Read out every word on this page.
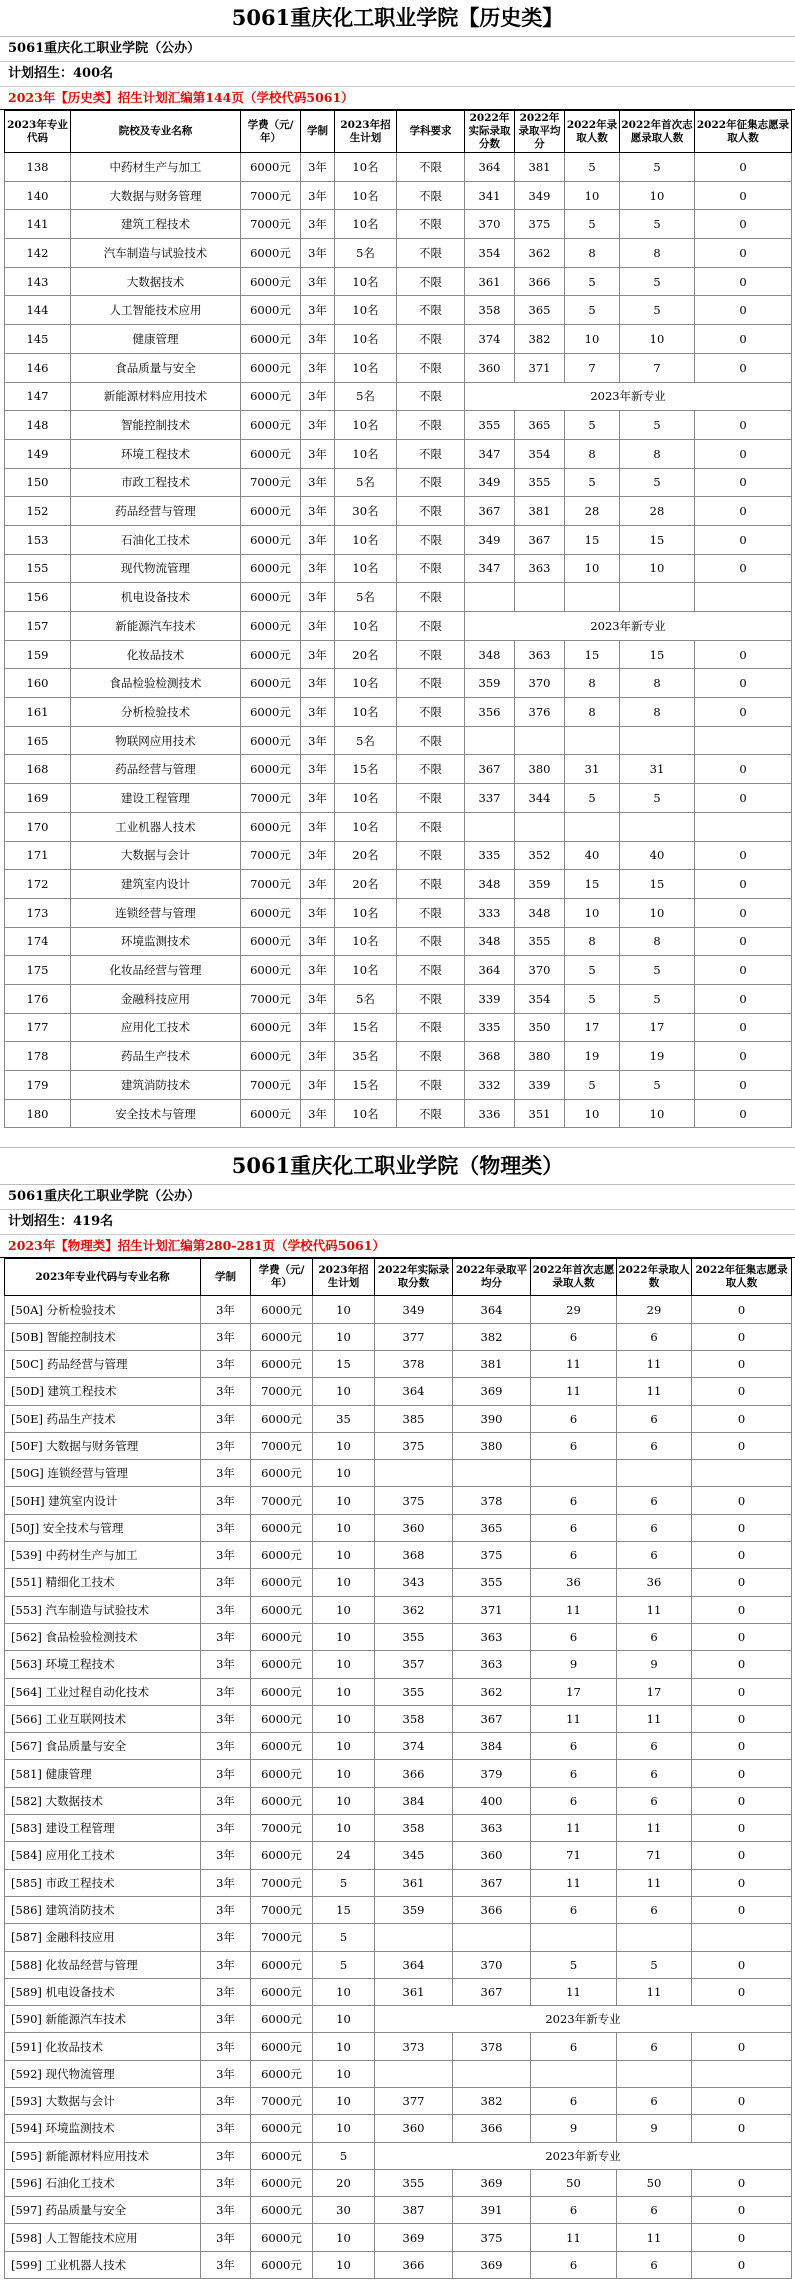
5061重庆化工职业学院【历史类】
5061重庆化工职业学院（公办）
计划招生：400名
2023年【历史类】招生计划汇编第144页（学校代码5061）
2023年专业代码	院校及专业名称	学费（元/年）	学制	2023年招生计划	学科要求	2022年实际录取分数	2022年录取平均分	2022年录取人数	2022年首次志愿录取人数	2022年征集志愿录取人数
138	中药材生产与加工	6000元	3年	10名	不限	364	381	5	5	0
140	大数据与财务管理	7000元	3年	10名	不限	341	349	10	10	0
141	建筑工程技术	7000元	3年	10名	不限	370	375	5	5	0
142	汽车制造与试验技术	6000元	3年	5名	不限	354	362	8	8	0
143	大数据技术	6000元	3年	10名	不限	361	366	5	5	0
144	人工智能技术应用	6000元	3年	10名	不限	358	365	5	5	0
145	健康管理	6000元	3年	10名	不限	374	382	10	10	0
146	食品质量与安全	6000元	3年	10名	不限	360	371	7	7	0
147	新能源材料应用技术	6000元	3年	5名	不限	2023年新专业				
148	智能控制技术	6000元	3年	10名	不限	355	365	5	5	0
149	环境工程技术	6000元	3年	10名	不限	347	354	8	8	0
150	市政工程技术	7000元	3年	5名	不限	349	355	5	5	0
152	药品经营与管理	6000元	3年	30名	不限	367	381	28	28	0
153	石油化工技术	6000元	3年	10名	不限	349	367	15	15	0
155	现代物流管理	6000元	3年	10名	不限	347	363	10	10	0
156	机电设备技术	6000元	3年	5名	不限					
157	新能源汽车技术	6000元	3年	10名	不限	2023年新专业				
159	化妆品技术	6000元	3年	20名	不限	348	363	15	15	0
160	食品检验检测技术	6000元	3年	10名	不限	359	370	8	8	0
161	分析检验技术	6000元	3年	10名	不限	356	376	8	8	0
165	物联网应用技术	6000元	3年	5名	不限					
168	药品经营与管理	6000元	3年	15名	不限	367	380	31	31	0
169	建设工程管理	7000元	3年	10名	不限	337	344	5	5	0
170	工业机器人技术	6000元	3年	10名	不限					
171	大数据与会计	7000元	3年	20名	不限	335	352	40	40	0
172	建筑室内设计	7000元	3年	20名	不限	348	359	15	15	0
173	连锁经营与管理	6000元	3年	10名	不限	333	348	10	10	0
174	环境监测技术	6000元	3年	10名	不限	348	355	8	8	0
175	化妆品经营与管理	6000元	3年	10名	不限	364	370	5	5	0
176	金融科技应用	7000元	3年	5名	不限	339	354	5	5	0
177	应用化工技术	6000元	3年	15名	不限	335	350	17	17	0
178	药品生产技术	6000元	3年	35名	不限	368	380	19	19	0
179	建筑消防技术	7000元	3年	15名	不限	332	339	5	5	0
180	安全技术与管理	6000元	3年	10名	不限	336	351	10	10	0
5061重庆化工职业学院（物理类）
5061重庆化工职业学院（公办）
计划招生：419名
2023年【物理类】招生计划汇编第280-281页（学校代码5061）
2023年专业代码与专业名称	学制	学费（元/年）	2023年招生计划	2022年实际录取分数	2022年录取平均分	2022年首次志愿录取人数	2022年录取人数	2022年征集志愿录取人数
[50A] 分析检验技术	3年	6000元	10	349	364	29	29	0
[50B] 智能控制技术	3年	6000元	10	377	382	6	6	0
[50C] 药品经营与管理	3年	6000元	15	378	381	11	11	0
[50D] 建筑工程技术	3年	7000元	10	364	369	11	11	0
[50E] 药品生产技术	3年	6000元	35	385	390	6	6	0
[50F] 大数据与财务管理	3年	7000元	10	375	380	6	6	0
[50G] 连锁经营与管理	3年	6000元	10					
[50H] 建筑室内设计	3年	7000元	10	375	378	6	6	0
[50J] 安全技术与管理	3年	6000元	10	360	365	6	6	0
[539] 中药材生产与加工	3年	6000元	10	368	375	6	6	0
[551] 精细化工技术	3年	6000元	10	343	355	36	36	0
[553] 汽车制造与试验技术	3年	6000元	10	362	371	11	11	0
[562] 食品检验检测技术	3年	6000元	10	355	363	6	6	0
[563] 环境工程技术	3年	6000元	10	357	363	9	9	0
[564] 工业过程自动化技术	3年	6000元	10	355	362	17	17	0
[566] 工业互联网技术	3年	6000元	10	358	367	11	11	0
[567] 食品质量与安全	3年	6000元	10	374	384	6	6	0
[581] 健康管理	3年	6000元	10	366	379	6	6	0
[582] 大数据技术	3年	6000元	10	384	400	6	6	0
[583] 建设工程管理	3年	7000元	10	358	363	11	11	0
[584] 应用化工技术	3年	6000元	24	345	360	71	71	0
[585] 市政工程技术	3年	7000元	5	361	367	11	11	0
[586] 建筑消防技术	3年	7000元	15	359	366	6	6	0
[587] 金融科技应用	3年	7000元	5					
[588] 化妆品经营与管理	3年	6000元	5	364	370	5	5	0
[589] 机电设备技术	3年	6000元	10	361	367	11	11	0
[590] 新能源汽车技术	3年	6000元	10	2023年新专业				
[591] 化妆品技术	3年	6000元	10	373	378	6	6	0
[592] 现代物流管理	3年	6000元	10					
[593] 大数据与会计	3年	7000元	10	377	382	6	6	0
[594] 环境监测技术	3年	6000元	10	360	366	9	9	0
[595] 新能源材料应用技术	3年	6000元	5	2023年新专业				
[596] 石油化工技术	3年	6000元	20	355	369	50	50	0
[597] 药品质量与安全	3年	6000元	30	387	391	6	6	0
[598] 人工智能技术应用	3年	6000元	10	369	375	11	11	0
[599] 工业机器人技术	3年	6000元	10	366	369	6	6	0
